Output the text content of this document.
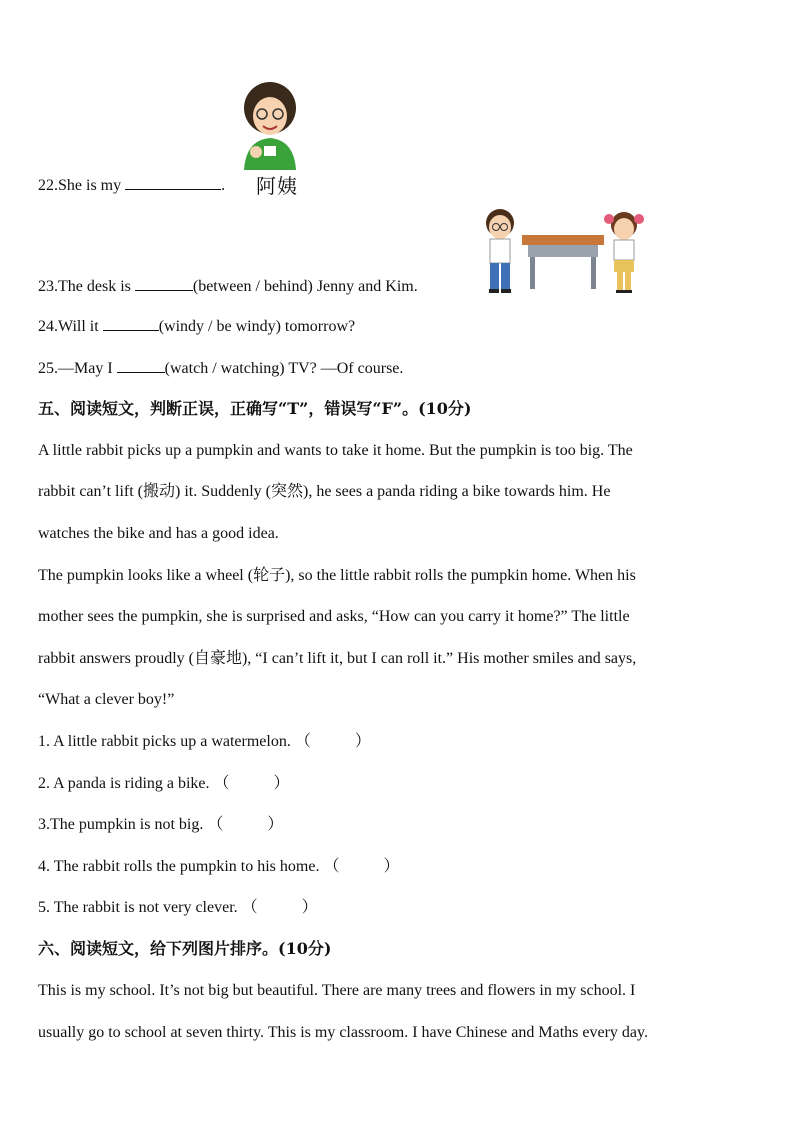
阿姨
22.She is my	.
23.The desk is	(between / behind) Jenny and Kim.
24.Will it	(windy / be windy) tomorrow?
25.—May I	(watch / watching) TV? —Of course.
五、阅读短文，判断正误，正确写“T”，错误写“F”。(10分)
A little rabbit picks up a pumpkin and wants to take it home. But the pumpkin is too big. The
rabbit can’t lift (搬动) it. Suddenly (突然), he sees a panda riding a bike towards him. He
watches the bike and has a good idea.
The pumpkin looks like a wheel (轮子), so the little rabbit rolls the pumpkin home. When his
mother sees the pumpkin, she is surprised and asks, “How can you carry it home?” The little
rabbit answers proudly (自豪地), “I can’t lift it, but I can roll it.” His mother smiles and says,
“What a clever boy!”
1. A little rabbit picks up a watermelon. （	）
2. A panda is riding a bike. （	）
3.The pumpkin is not big. （	）
4. The rabbit rolls the pumpkin to his home. （	）
5. The rabbit is not very clever. （	）
六、阅读短文，给下列图片排序。(10分)
This is my school. It’s not big but beautiful. There are many trees and flowers in my school. I
usually go to school at seven thirty. This is my classroom. I have Chinese and Maths every day.
